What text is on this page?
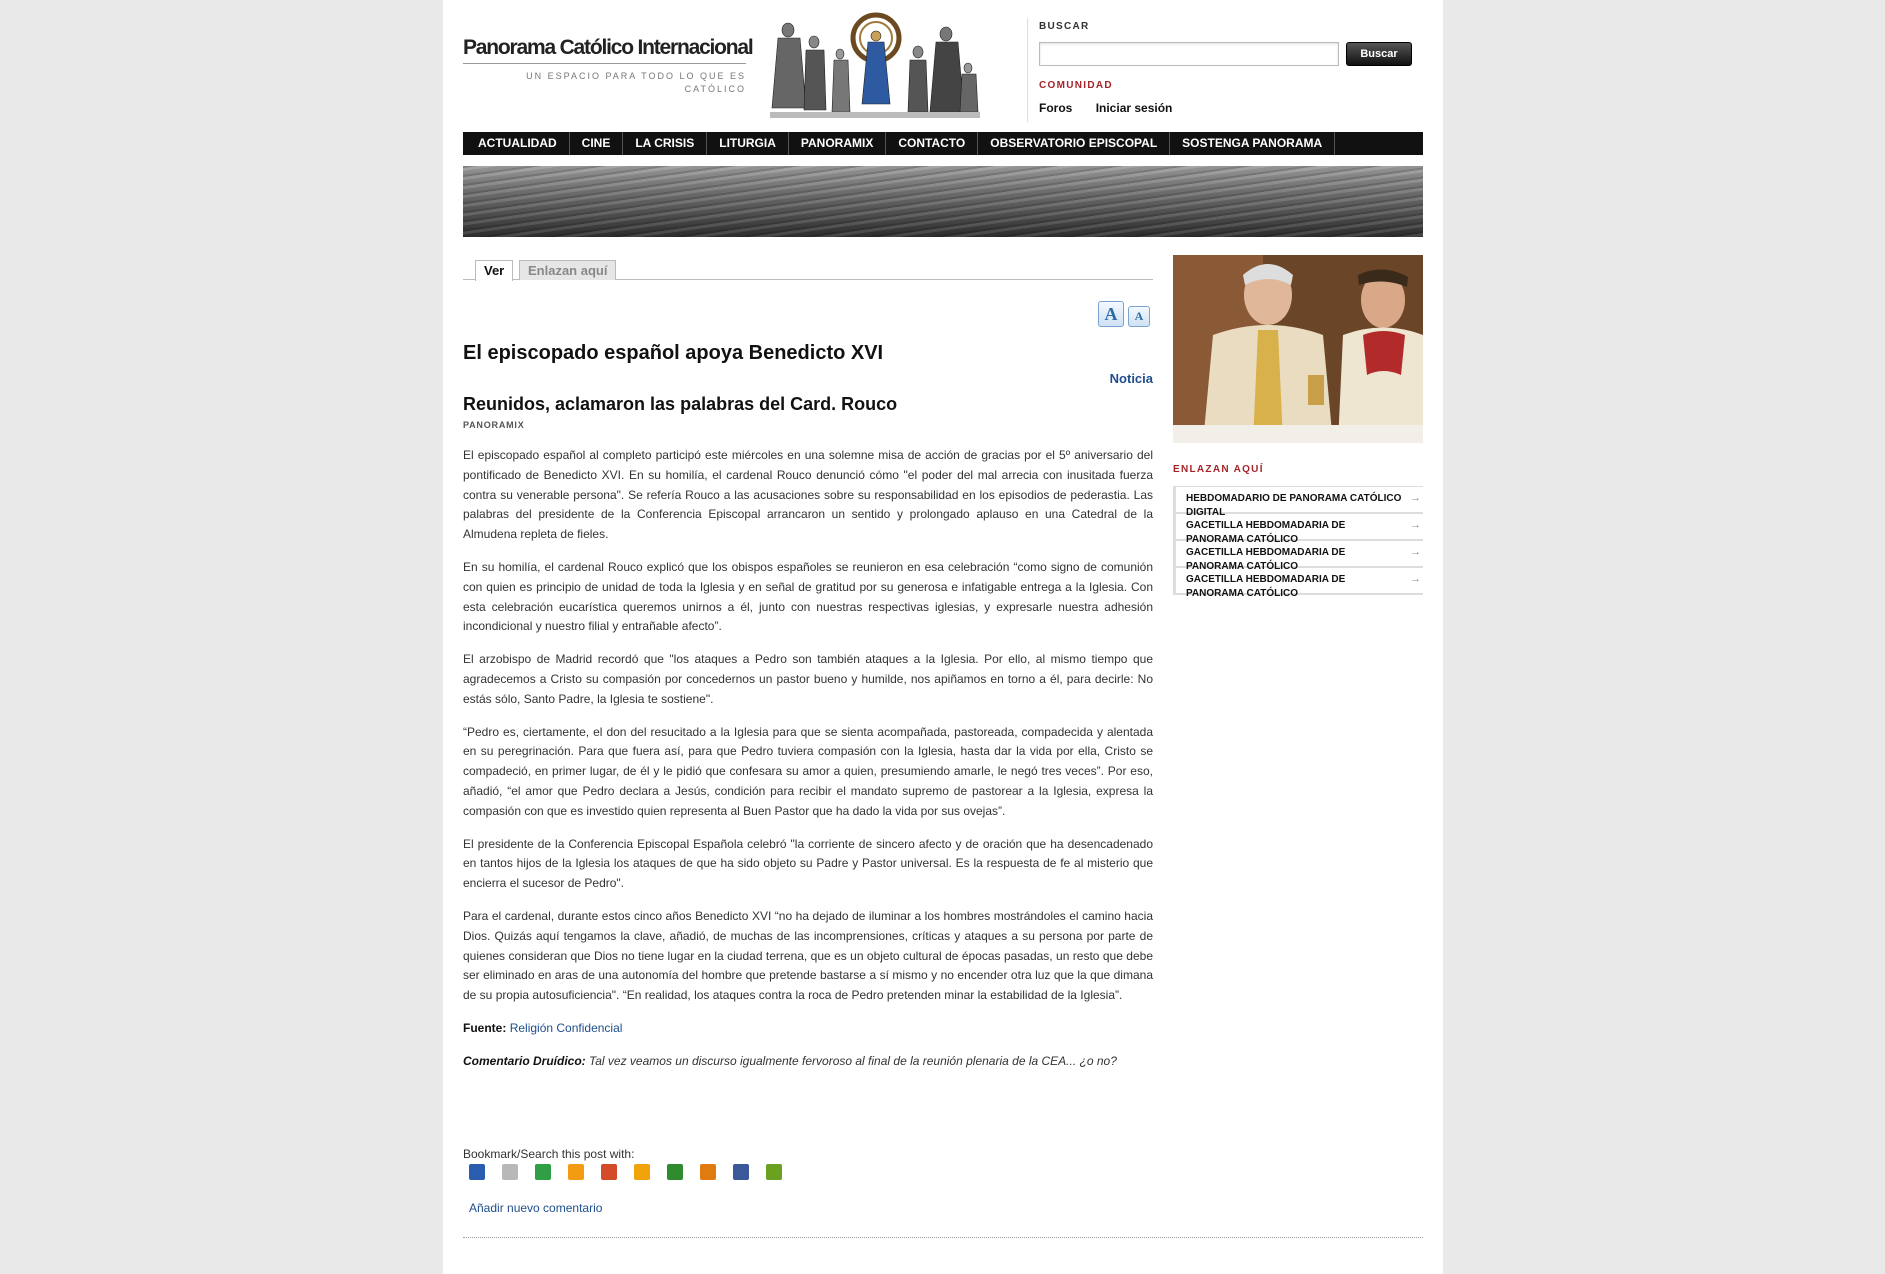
Panorama Católico Internacional
UN ESPACIO PARA TODO LO QUE ES CATÓLICO
BUSCAR
Buscar
COMUNIDAD
Foros Iniciar sesión
ACTUALIDAD	CINE	LA CRISIS	LITURGIA	PANORAMIX	CONTACTO	OBSERVATORIO EPISCOPAL	SOSTENGA PANORAMA
Ver	Enlazan aquí
A	A
El episcopado español apoya Benedicto XVI
Noticia
Reunidos, aclamaron las palabras del Card. Rouco
PANORAMIX

El episcopado español al completo participó este miércoles en una solemne misa de acción de gracias por el 5º aniversario del pontificado de Benedicto XVI. En su homilía, el cardenal Rouco denunció cómo "el poder del mal arrecia con inusitada fuerza contra su venerable persona". Se refería Rouco a las acusaciones sobre su responsabilidad en los episodios de pederastia. Las palabras del presidente de la Conferencia Episcopal arrancaron un sentido y prolongado aplauso en una Catedral de la Almudena repleta de fieles.

En su homilía, el cardenal Rouco explicó que los obispos españoles se reunieron en esa celebración “como signo de comunión con quien es principio de unidad de toda la Iglesia y en señal de gratitud por su generosa e infatigable entrega a la Iglesia. Con esta celebración eucarística queremos unirnos a él, junto con nuestras respectivas iglesias, y expresarle nuestra adhesión incondicional y nuestro filial y entrañable afecto”.

El arzobispo de Madrid recordó que "los ataques a Pedro son también ataques a la Iglesia. Por ello, al mismo tiempo que agradecemos a Cristo su compasión por concedernos un pastor bueno y humilde, nos apiñamos en torno a él, para decirle: No estás sólo, Santo Padre, la Iglesia te sostiene".

“Pedro es, ciertamente, el don del resucitado a la Iglesia para que se sienta acompañada, pastoreada, compadecida y alentada en su peregrinación. Para que fuera así, para que Pedro tuviera compasión con la Iglesia, hasta dar la vida por ella, Cristo se compadeció, en primer lugar, de él y le pidió que confesara su amor a quien, presumiendo amarle, le negó tres veces”. Por eso, añadió, “el amor que Pedro declara a Jesús, condición para recibir el mandato supremo de pastorear a la Iglesia, expresa la compasión con que es investido quien representa al Buen Pastor que ha dado la vida por sus ovejas”.

El presidente de la Conferencia Episcopal Española celebró "la corriente de sincero afecto y de oración que ha desencadenado en tantos hijos de la Iglesia los ataques de que ha sido objeto su Padre y Pastor universal. Es la respuesta de fe al misterio que encierra el sucesor de Pedro".

Para el cardenal, durante estos cinco años Benedicto XVI “no ha dejado de iluminar a los hombres mostrándoles el camino hacia Dios. Quizás aquí tengamos la clave, añadió, de muchas de las incomprensiones, críticas y ataques a su persona por parte de quienes consideran que Dios no tiene lugar en la ciudad terrena, que es un objeto cultural de épocas pasadas, un resto que debe ser eliminado en aras de una autonomía del hombre que pretende bastarse a sí mismo y no encender otra luz que la que dimana de su propia autosuficiencia". “En realidad, los ataques contra la roca de Pedro pretenden minar la estabilidad de la Iglesia”.

Fuente: Religión Confidencial

Comentario Druídico: Tal vez veamos un discurso igualmente fervoroso al final de la reunión plenaria de la CEA... ¿o no?

Bookmark/Search this post with:
Añadir nuevo comentario
ENLAZAN AQUÍ
HEBDOMADARIO DE PANORAMA CATÓLICO DIGITAL
→
GACETILLA HEBDOMADARIA DE PANORAMA CATÓLICO
→
GACETILLA HEBDOMADARIA DE PANORAMA CATÓLICO
→
GACETILLA HEBDOMADARIA DE PANORAMA CATÓLICO
→
